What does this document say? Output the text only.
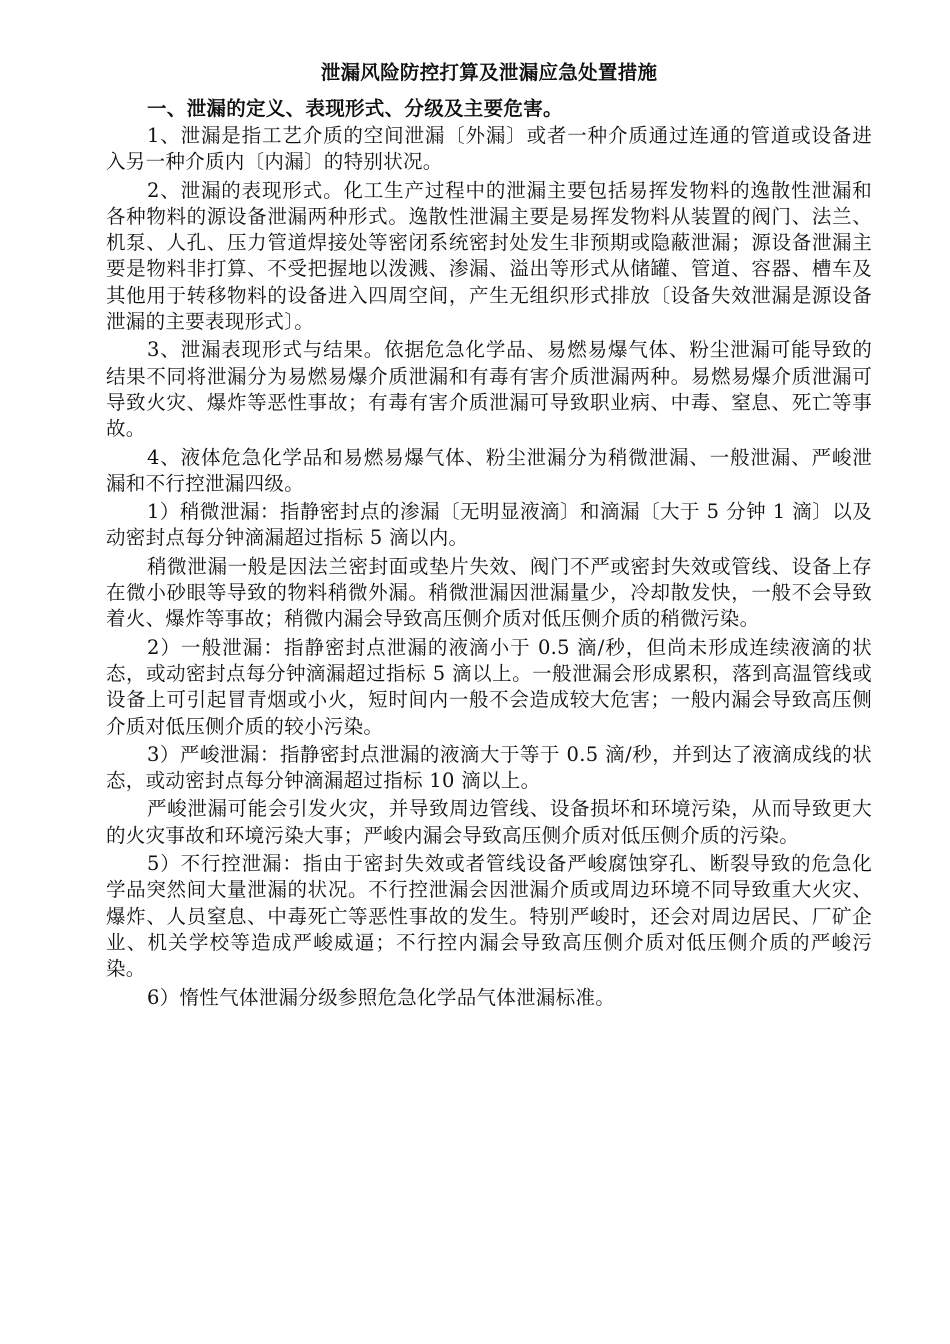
泄漏风险防控打算及泄漏应急处置措施
一、泄漏的定义、表现形式、分级及主要危害。

1、泄漏是指工艺介质的空间泄漏〔外漏〕或者一种介质通过连通的管道或设备进入另一种介质内〔内漏〕的特别状况。

2、泄漏的表现形式。化工生产过程中的泄漏主要包括易挥发物料的逸散性泄漏和各种物料的源设备泄漏两种形式。逸散性泄漏主要是易挥发物料从装置的阀门、法兰、机泵、人孔、压力管道焊接处等密闭系统密封处发生非预期或隐蔽泄漏；源设备泄漏主要是物料非打算、不受把握地以泼溅、渗漏、溢出等形式从储罐、管道、容器、槽车及其他用于转移物料的设备进入四周空间，产生无组织形式排放〔设备失效泄漏是源设备泄漏的主要表现形式〕。

3、泄漏表现形式与结果。依据危急化学品、易燃易爆气体、粉尘泄漏可能导致的结果不同将泄漏分为易燃易爆介质泄漏和有毒有害介质泄漏两种。易燃易爆介质泄漏可导致火灾、爆炸等恶性事故；有毒有害介质泄漏可导致职业病、中毒、窒息、死亡等事故。

4、液体危急化学品和易燃易爆气体、粉尘泄漏分为稍微泄漏、一般泄漏、严峻泄漏和不行控泄漏四级。

1）稍微泄漏：指静密封点的渗漏〔无明显液滴〕和滴漏〔大于 5 分钟 1 滴〕以及动密封点每分钟滴漏超过指标 5 滴以内。

稍微泄漏一般是因法兰密封面或垫片失效、阀门不严或密封失效或管线、设备上存在微小砂眼等导致的物料稍微外漏。稍微泄漏因泄漏量少，冷却散发快，一般不会导致着火、爆炸等事故；稍微内漏会导致高压侧介质对低压侧介质的稍微污染。

2）一般泄漏：指静密封点泄漏的液滴小于 0.5 滴/秒，但尚未形成连续液滴的状态，或动密封点每分钟滴漏超过指标 5 滴以上。一般泄漏会形成累积，落到高温管线或设备上可引起冒青烟或小火，短时间内一般不会造成较大危害；一般内漏会导致高压侧介质对低压侧介质的较小污染。

3）严峻泄漏：指静密封点泄漏的液滴大于等于 0.5 滴/秒，并到达了液滴成线的状态，或动密封点每分钟滴漏超过指标 10 滴以上。

严峻泄漏可能会引发火灾，并导致周边管线、设备损坏和环境污染，从而导致更大的火灾事故和环境污染大事；严峻内漏会导致高压侧介质对低压侧介质的污染。

5）不行控泄漏：指由于密封失效或者管线设备严峻腐蚀穿孔、断裂导致的危急化学品突然间大量泄漏的状况。不行控泄漏会因泄漏介质或周边环境不同导致重大火灾、爆炸、人员窒息、中毒死亡等恶性事故的发生。特别严峻时，还会对周边居民、厂矿企业、机关学校等造成严峻威逼；不行控内漏会导致高压侧介质对低压侧介质的严峻污染。

6）惰性气体泄漏分级参照危急化学品气体泄漏标准。
